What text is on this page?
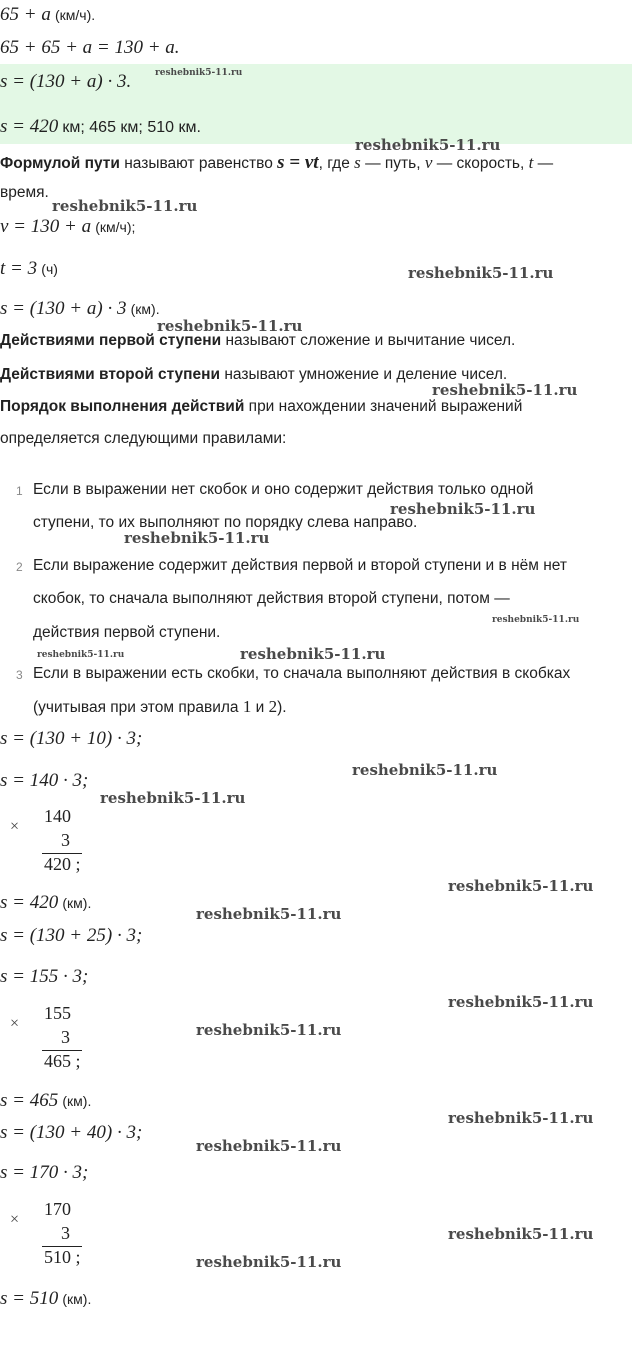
65 + a (км/ч).
65 + 65 + a = 130 + a.
s = (130 + a) · 3.
s = 420 км; 465 км; 510 км.
Формулой пути называют равенство s = vt, где s — путь, v — скорость, t —
время.
v = 130 + a (км/ч);
t = 3 (ч)
s = (130 + a) · 3 (км).
Действиями первой ступени называют сложение и вычитание чисел.
Действиями второй ступени называют умножение и деление чисел.
Порядок выполнения действий при нахождении значений выражений
определяется следующими правилами:
1 Если в выражении нет скобок и оно содержит действия только одной
ступени, то их выполняют по порядку слева направо.
2 Если выражение содержит действия первой и второй ступени и в нём нет
скобок, то сначала выполняют действия второй ступени, потом —
действия первой ступени.
3 Если в выражении есть скобки, то сначала выполняют действия в скобках
(учитывая при этом правила 1 и 2).
s = (130 + 10) · 3;
s = 140 · 3;
×
140
3
420 ;
s = 420 (км).
s = (130 + 25) · 3;
s = 155 · 3;
×
155
3
465 ;
s = 465 (км).
s = (130 + 40) · 3;
s = 170 · 3;
×
170
3
510 ;
s = 510 (км).
reshebnik5-11.ru
reshebnik5-11.ru
reshebnik5-11.ru
reshebnik5-11.ru
reshebnik5-11.ru
reshebnik5-11.ru
reshebnik5-11.ru
reshebnik5-11.ru
reshebnik5-11.ru
reshebnik5-11.ru	reshebnik5-11.ru
reshebnik5-11.ru
reshebnik5-11.ru
reshebnik5-11.ru
reshebnik5-11.ru
reshebnik5-11.ru
reshebnik5-11.ru
reshebnik5-11.ru
reshebnik5-11.ru
reshebnik5-11.ru
reshebnik5-11.ru
